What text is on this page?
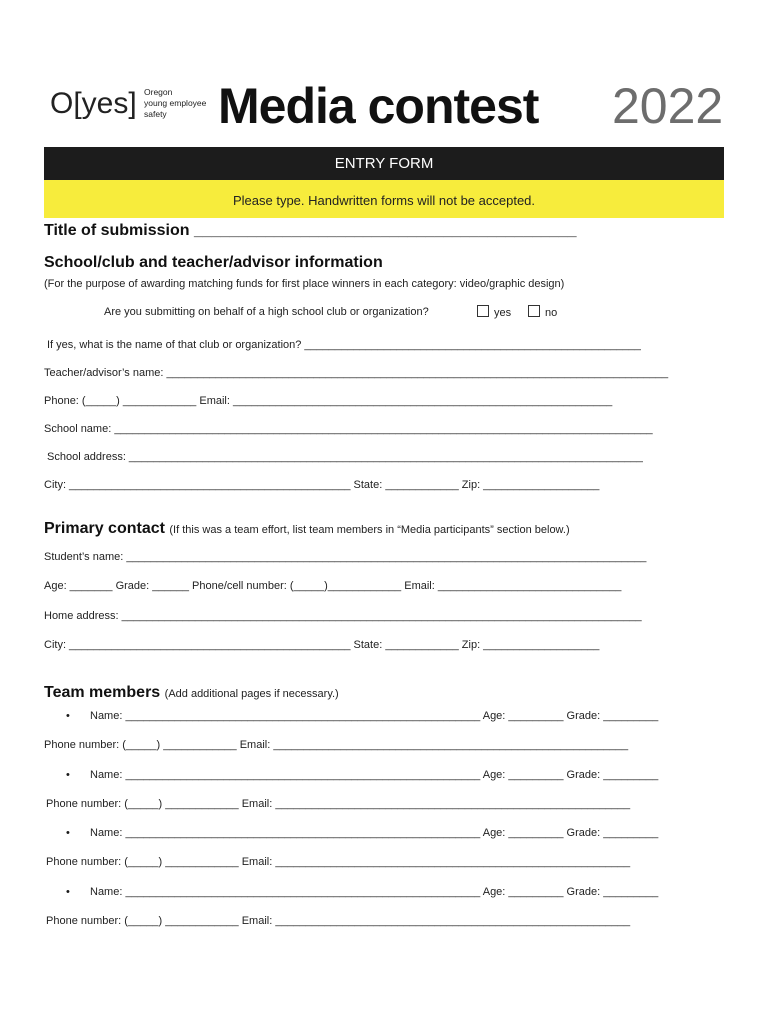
O[yes] Oregon
young employee
safety	Media contest 2022
ENTRY FORM
Please type. Handwritten forms will not be accepted.
Title of submission ___________________________________________
School/club and teacher/advisor information
(For the purpose of awarding matching funds for first place winners in each category: video/graphic design)
Are you submitting on behalf of a high school club or organization?	yes	no
If yes, what is the name of that club or organization? _______________________________________________________
Teacher/advisor’s name: __________________________________________________________________________________
Phone: (_____) ____________ Email: ______________________________________________________________
School name: ________________________________________________________________________________________
School address: ____________________________________________________________________________________
City: ______________________________________________ State: ____________ Zip: ___________________
Primary contact (If this was a team effort, list team members in “Media participants” section below.)
Student’s name: _____________________________________________________________________________________
Age: _______ Grade: ______ Phone/cell number: (_____)____________ Email: ______________________________
Home address: _____________________________________________________________________________________
City: ______________________________________________ State: ____________ Zip: ___________________
Team members (Add additional pages if necessary.)
• Name: __________________________________________________________ Age: _________ Grade: _________
Phone number: (_____) ____________ Email: __________________________________________________________
• Name: __________________________________________________________ Age: _________ Grade: _________
Phone number: (_____) ____________ Email: __________________________________________________________
• Name: __________________________________________________________ Age: _________ Grade: _________
Phone number: (_____) ____________ Email: __________________________________________________________
• Name: __________________________________________________________ Age: _________ Grade: _________
Phone number: (_____) ____________ Email: __________________________________________________________
